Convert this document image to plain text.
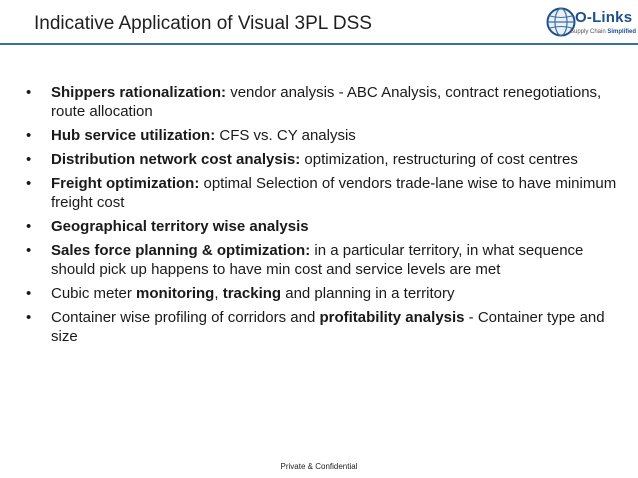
Indicative Application of Visual 3PL DSS	O-Links
Supply Chain Simplified
• Shippers rationalization: vendor analysis - ABC Analysis, contract renegotiations, route allocation
• Hub service utilization: CFS vs. CY analysis
• Distribution network cost analysis: optimization, restructuring of cost centres
• Freight optimization: optimal Selection of vendors trade-lane wise to have minimum freight cost
• Geographical territory wise analysis
• Sales force planning & optimization: in a particular territory, in what sequence should pick up happens to have min cost and service levels are met
• Cubic meter monitoring, tracking and planning in a territory
• Container wise profiling of corridors and profitability analysis - Container type and size
Private & Confidential
